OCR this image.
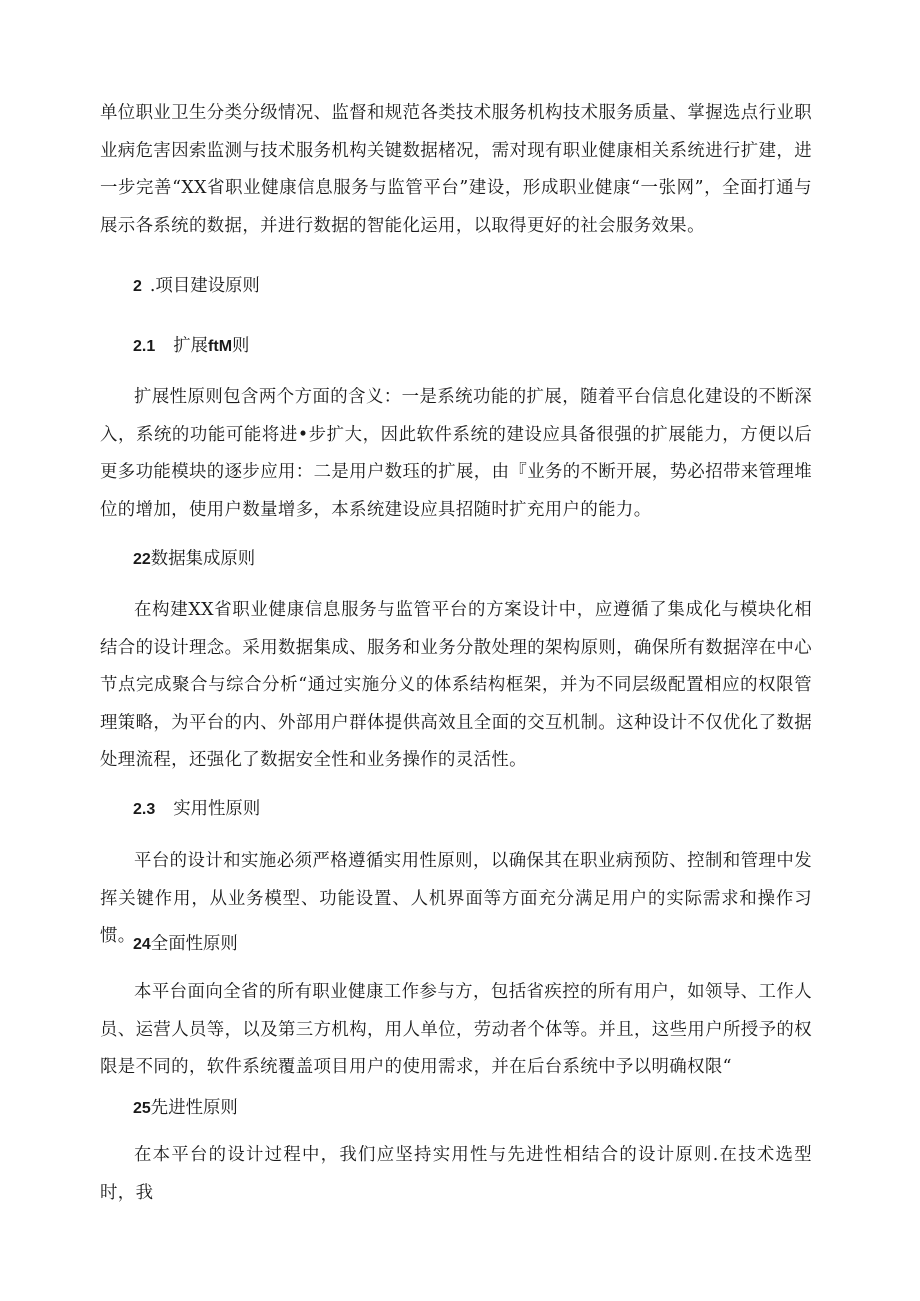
单位职业卫生分类分级情况、监督和规范各类技术服务机构技术服务质量、掌握选点行业职业病危害因索监测与技术服务机构关键数据楮况，需对现有职业健康相关系统进行扩建，进一步完善“XX省职业健康信息服务与监管平台”建设，形成职业健康“一张网”，全面打通与展示各系统的数据，并进行数据的智能化运用，以取得更好的社会服务效果。

2 .项目建设原则
2.1 扩展ftM则

扩展性原则包含两个方面的含义：一是系统功能的扩展，随着平台信息化建设的不断深入，系统的功能可能将进•步扩大，因此软件系统的建设应具备很强的扩展能力，方便以后更多功能模块的逐步应用：二是用户数珏的扩展，由『业务的不断开展，势必招带来管理堆位的增加，使用户数量增多，本系统建设应具招随时扩充用户的能力。

22数据集成原则

在构建XX省职业健康信息服务与监管平台的方案设计中，应遵循了集成化与模块化相结合的设计理念。采用数据集成、服务和业务分散处理的架构原则，确保所有数据滓在中心节点完成聚合与综合分析“通过实施分义的体系结构框架，并为不同层级配置相应的权限管理策略，为平台的内、外部用户群体提供高效且全面的交互机制。这种设计不仅优化了数据处理流程，还强化了数据安全性和业务操作的灵活性。

2.3 实用性原则

平台的设计和实施必须严格遵循实用性原则，以确保其在职业病预防、控制和管理中发挥关键作用，从业务模型、功能设置、人机界面等方面充分满足用户的实际需求和操作习惯。

24全面性原则

本平台面向全省的所有职业健康工作参与方，包括省疾控的所有用户，如领导、工作人员、运营人员等，以及第三方机构，用人单位，劳动者个体等。并且，这些用户所授予的权限是不同的，软件系统覆盖项目用户的使用需求，并在后台系统中予以明确权限“

25先进性原则

在本平台的设计过程中，我们应坚持实用性与先进性相结合的设计原则.在技术选型时，我
